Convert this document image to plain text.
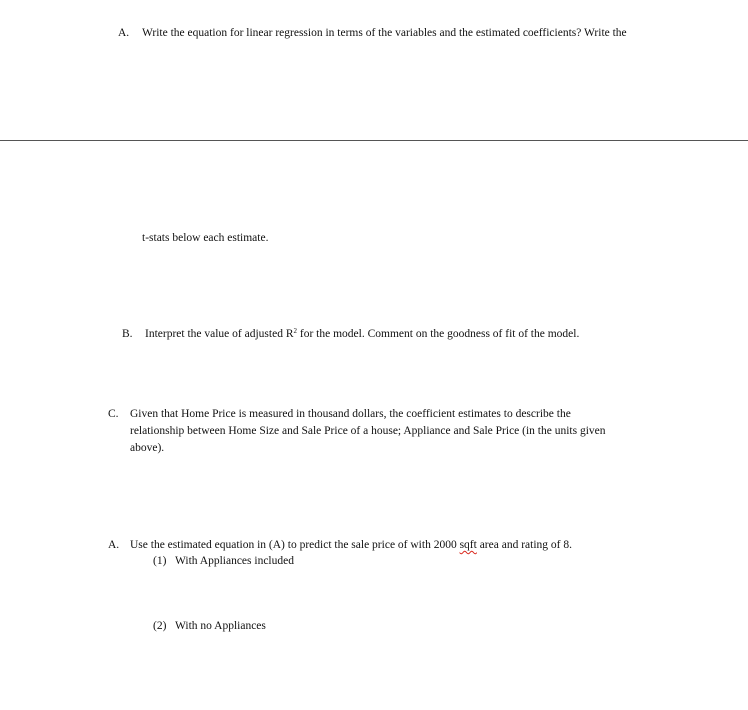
A. Write the equation for linear regression in terms of the variables and the estimated coefficients? Write the
t-stats below each estimate.
B. Interpret the value of adjusted $R^2$ for the model. Comment on the goodness of fit of the model.
C. Given that Home Price is measured in thousand dollars, the coefficient estimates to describe the
relationship between Home Size and Sale Price of a house; Appliance and Sale Price (in the units given
above).
A. Use the estimated equation in (A) to predict the sale price of with 2000 sqft area and rating of 8.
(1) With Appliances included
(2) With no Appliances
